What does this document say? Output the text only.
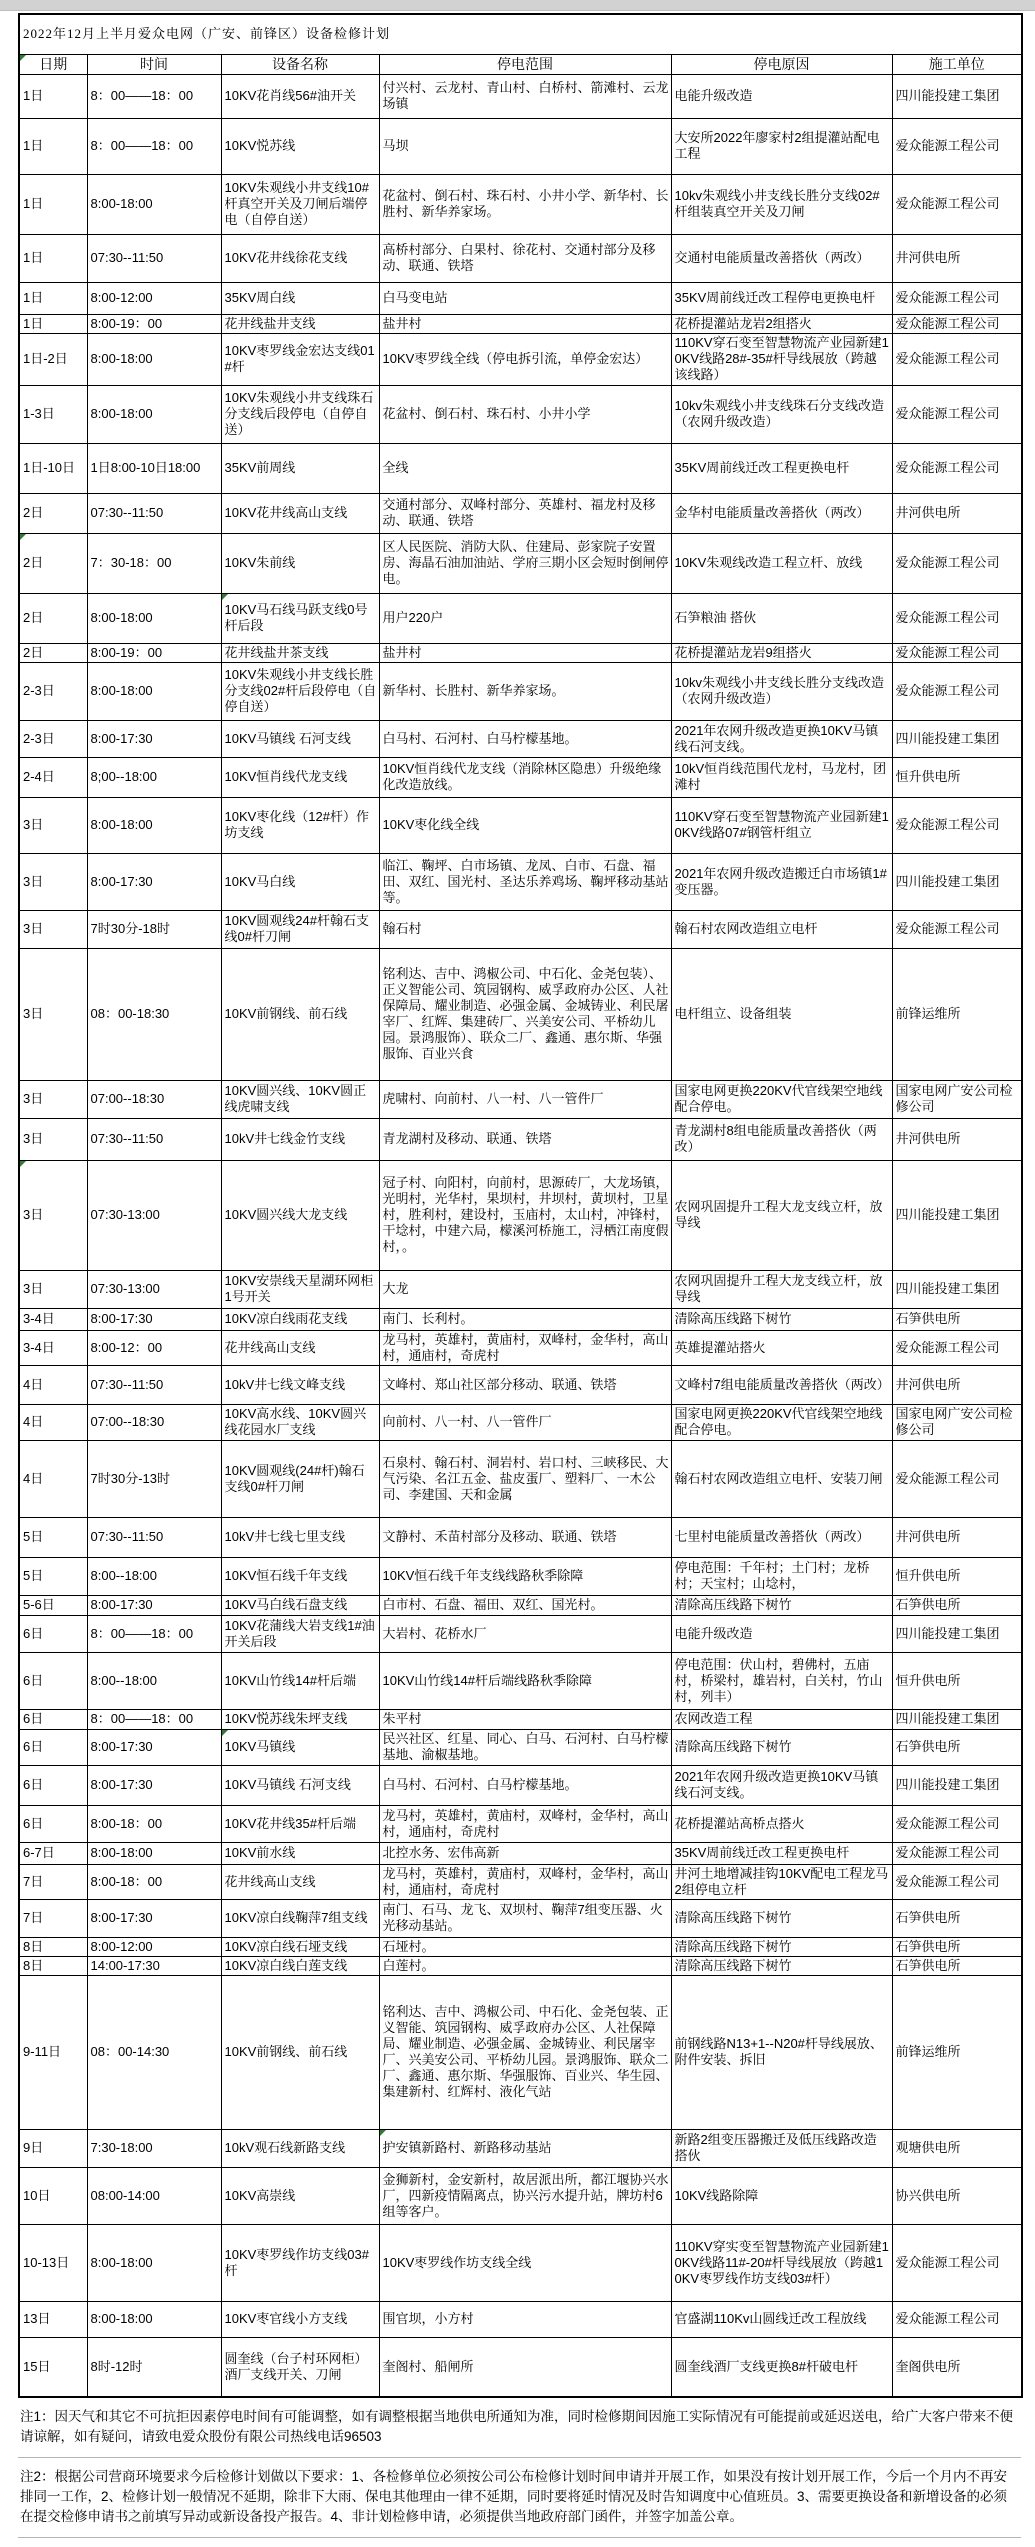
2022年12月上半月爱众电网（广安、前锋区）设备检修计划					
日期	时间	设备名称	停电范围	停电原因	施工单位
1日	8：00——18：00	10KV花肖线56#油开关	付兴村、云龙村、青山村、白桥村、箭滩村、云龙场镇	电能升级改造	四川能投建工集团
1日	8：00——18：00	10KV悦苏线	马坝	大安所2022年廖家村2组提灌站配电工程	爱众能源工程公司
1日	8:00-18:00	10KV朱观线小井支线10#杆真空开关及刀闸后端停电（自停自送）	花盆村、倒石村、珠石村、小井小学、新华村、长胜村、新华养家场。	10kv朱观线小井支线长胜分支线02#杆组装真空开关及刀闸	爱众能源工程公司
1日	07:30--11:50	10KV花井线徐花支线	高桥村部分、白果村、徐花村、交通村部分及移动、联通、铁塔	交通村电能质量改善搭伙（两改）	井河供电所
1日	8:00-12:00	35KV周白线	白马变电站	35KV周前线迁改工程停电更换电杆	爱众能源工程公司
1日	8:00-19：00	花井线盐井支线	盐井村	花桥提灌站龙岩2组搭火	爱众能源工程公司
1日-2日	8:00-18:00	10KV枣罗线金宏达支线01#杆	10KV枣罗线全线（停电拆引流，单停金宏达）	110KV穿石变至智慧物流产业园新建10KV线路28#-35#杆导线展放（跨越该线路）	爱众能源工程公司
1-3日	8:00-18:00	10KV朱观线小井支线珠石分支线后段停电（自停自送）	花盆村、倒石村、珠石村、小井小学	10kv朱观线小井支线珠石分支线改造（农网升级改造）	爱众能源工程公司
1日-10日	1日8:00-10日18:00	35KV前周线	全线	35KV周前线迁改工程更换电杆	爱众能源工程公司
2日	07:30--11:50	10KV花井线高山支线	交通村部分、双峰村部分、英雄村、福龙村及移动、联通、铁塔	金华村电能质量改善搭伙（两改）	井河供电所
2日	7：30-18：00	10KV朱前线	区人民医院、消防大队、住建局、彭家院子安置房、海晶石油加油站、学府三期小区会短时倒闸停电。	10KV朱观线改造工程立杆、放线	爱众能源工程公司
2日	8:00-18:00	10KV马石线马跃支线0号杆后段	用户220户	石笋粮油 搭伙	爱众能源工程公司
2日	8:00-19：00	花井线盐井茶支线	盐井村	花桥提灌站龙岩9组搭火	爱众能源工程公司
2-3日	8:00-18:00	10KV朱观线小井支线长胜分支线02#杆后段停电（自停自送）	新华村、长胜村、新华养家场。	10kv朱观线小井支线长胜分支线改造（农网升级改造）	爱众能源工程公司
2-3日	8:00-17:30	10KV马镇线 石河支线	白马村、石河村、白马柠檬基地。	2021年农网升级改造更换10KV马镇线石河支线。	四川能投建工集团
2-4日	8;00--18:00	10KV恒肖线代龙支线	10KV恒肖线代龙支线（消除林区隐患）升级绝缘化改造放线。	10kV恒肖线范围代龙村，马龙村，团滩村	恒升供电所
3日	8:00-18:00	10KV枣化线（12#杆）作坊支线	10KV枣化线全线	110KV穿石变至智慧物流产业园新建10KV线路07#钢管杆组立	爱众能源工程公司
3日	8:00-17:30	10KV马白线	临江、鞠坪、白市场镇、龙凤、白市、石盘、福田、双红、国光村、圣达乐养鸡场、鞠坪移动基站等。	2021年农网升级改造搬迁白市场镇1#变压器。	四川能投建工集团
3日	7时30分-18时	10KV圆观线24#杆翰石支线0#杆刀闸	翰石村	翰石村农网改造组立电杆	爱众能源工程公司
3日	08：00-18:30	10KV前钢线、前石线	铭利达、吉中、鸿椒公司、中石化、金尧包装）、正义智能公司、筑园钢构、威孚政府办公区、人社保障局、耀业制造、必强金属、金城铸业、利民屠宰厂、红辉、集建砖厂、兴美安公司、平桥幼儿园。景鸿服饰）、联众二厂、鑫通、惠尔斯、华强服饰、百业兴食	电杆组立、设备组装	前锋运维所
3日	07:00--18:30	10KV圆兴线、10KV圆正线虎啸支线	虎啸村、向前村、八一村、八一管件厂	国家电网更换220KV代官线架空地线配合停电。	国家电网广安公司检修公司
3日	07:30--11:50	10kV井七线金竹支线	青龙湖村及移动、联通、铁塔	青龙湖村8组电能质量改善搭伙（两改）	井河供电所
3日	07:30-13:00	10KV圆兴线大龙支线	冠子村、向阳村，向前村，思源砖厂，大龙场镇，光明村，光华村，果坝村，井坝村，黄坝村，卫星村，胜利村，建设村，玉庙村，太山村，冲锋村，干埝村，中建六局，檬溪河桥施工，浔栖江南度假村，。	农网巩固提升工程大龙支线立杆，放导线	四川能投建工集团
3日	07:30-13:00	10KV安崇线天星湖环网柜1号开关	大龙	农网巩固提升工程大龙支线立杆，放导线	四川能投建工集团
3-4日	8:00-17:30	10KV凉白线雨花支线	南门、长利村。	清除高压线路下树竹	石笋供电所
3-4日	8:00-12：00	花井线高山支线	龙马村，英雄村，黄庙村，双峰村，金华村，高山村，通庙村，奇虎村	英雄提灌站搭火	爱众能源工程公司
4日	07:30--11:50	10kV井七线文峰支线	文峰村、郑山社区部分移动、联通、铁塔	文峰村7组电能质量改善搭伙（两改）	井河供电所
4日	07:00--18:30	10KV高水线、10KV圆兴线花园水厂支线	向前村、八一村、八一管件厂	国家电网更换220KV代官线架空地线配合停电。	国家电网广安公司检修公司
4日	7时30分-13时	10KV圆观线(24#杆)翰石支线0#杆刀闸	石泉村、翰石村、洞岩村、岩口村、三峡移民、大气污染、名江五金、盐皮蛋厂、塑料厂、一木公司、李建国、天和金属	翰石村农网改造组立电杆、安装刀闸	爱众能源工程公司
5日	07:30--11:50	10kV井七线七里支线	文静村、禾苗村部分及移动、联通、铁塔	七里村电能质量改善搭伙（两改）	井河供电所
5日	8:00--18:00	10KV恒石线千年支线	10KV恒石线千年支线线路秋季除障	停电范围：千年村；土门村；龙桥村；天宝村；山埝村，	恒升供电所
5-6日	8:00-17:30	10KV马白线石盘支线	白市村、石盘、福田、双红、国光村。	清除高压线路下树竹	石笋供电所
6日	8：00——18：00	10KV花蒲线大岩支线1#油开关后段	大岩村、花桥水厂	电能升级改造	四川能投建工集团
6日	8:00--18:00	10KV山竹线14#杆后端	10KV山竹线14#杆后端线路秋季除障	停电范围：伏山村，碧佛村，五庙村，桥梁村，雄岩村，白关村，竹山村，列丰）	恒升供电所
6日	8：00——18：00	10KV悦苏线朱坪支线	朱平村	农网改造工程	四川能投建工集团
6日	8:00-17:30	10KV马镇线	民兴社区、红星、同心、白马、石河村、白马柠檬基地、渝椒基地。	清除高压线路下树竹	石笋供电所
6日	8:00-17:30	10KV马镇线 石河支线	白马村、石河村、白马柠檬基地。	2021年农网升级改造更换10KV马镇线石河支线。	四川能投建工集团
6日	8:00-18：00	10KV花井线35#杆后端	龙马村，英雄村，黄庙村，双峰村，金华村，高山村，通庙村，奇虎村	花桥提灌站高桥点搭火	爱众能源工程公司
6-7日	8:00-18:00	10KV前水线	北控水务、宏伟高新	35KV周前线迁改工程更换电杆	爱众能源工程公司
7日	8:00-18：00	花井线高山支线	龙马村，英雄村，黄庙村，双峰村，金华村，高山村，通庙村，奇虎村	井河土地增减挂钩10KV配电工程龙马2组停电立杆	爱众能源工程公司
7日	8:00-17:30	10KV凉白线鞠萍7组支线	南门、石马、龙飞、双坝村、鞠萍7组变压器、火光移动基站。	清除高压线路下树竹	石笋供电所
8日	8:00-12:00	10KV凉白线石垭支线	石垭村。	清除高压线路下树竹	石笋供电所
8日	14:00-17:30	10KV凉白线白莲支线	白莲村。	清除高压线路下树竹	石笋供电所
9-11日	08：00-14:30	10KV前钢线、前石线	铭利达、吉中、鸿椒公司、中石化、金尧包装、正义智能、筑园钢构、威孚政府办公区、人社保障局、耀业制造、必强金属、金城铸业、利民屠宰厂、兴美安公司、平桥幼儿园。景鸿服饰、联众二厂、鑫通、惠尔斯、华强服饰、百业兴、华生园、集建新村、红辉村、液化气站	前钢线路N13+1--N20#杆导线展放、附件安装、拆旧	前锋运维所
9日	7:30-18:00	10kV观石线新路支线	护安镇新路村、新路移动基站	新路2组变压器搬迁及低压线路改造搭伙	观塘供电所
10日	08:00-14:00	10KV高崇线	金狮新村，金安新村，故居派出所，都江堰协兴水厂，四新疫情隔离点，协兴污水提升站，牌坊村6组等客户。	10KV线路除障	协兴供电所
10-13日	8:00-18:00	10KV枣罗线作坊支线03#杆	10KV枣罗线作坊支线全线	110KV穿实变至智慧物流产业园新建10KV线路11#-20#杆导线展放（跨越10KV枣罗线作坊支线03#杆）	爱众能源工程公司
13日	8:00-18:00	10KV枣官线小方支线	围官坝，小方村	官盛湖110Kv山圆线迁改工程放线	爱众能源工程公司
15日	8时-12时	圆奎线（台子村环网柜）酒厂支线开关、刀闸	奎阁村、船闸所	圆奎线酒厂支线更换8#杆破电杆	奎阁供电所
注1：因天气和其它不可抗拒因素停电时间有可能调整，如有调整根据当地供电所通知为准，同时检修期间因施工实际情况有可能提前或延迟送电，给广大客户带来不便请谅解，如有疑问，请致电爱众股份有限公司热线电话96503
注2：根据公司营商环境要求今后检修计划做以下要求：1、各检修单位必须按公司公布检修计划时间申请并开展工作，如果没有按计划开展工作，今后一个月内不再安排同一工作，2、检修计划一般情况不延期，除非下大雨、保电其他理由一律不延期，同时要将延时情况及时告知调度中心值班员。3、需要更换设备和新增设备的必须在提交检修申请书之前填写异动或新设备投产报告。4、非计划检修申请，必须提供当地政府部门函件，并签字加盖公章。
